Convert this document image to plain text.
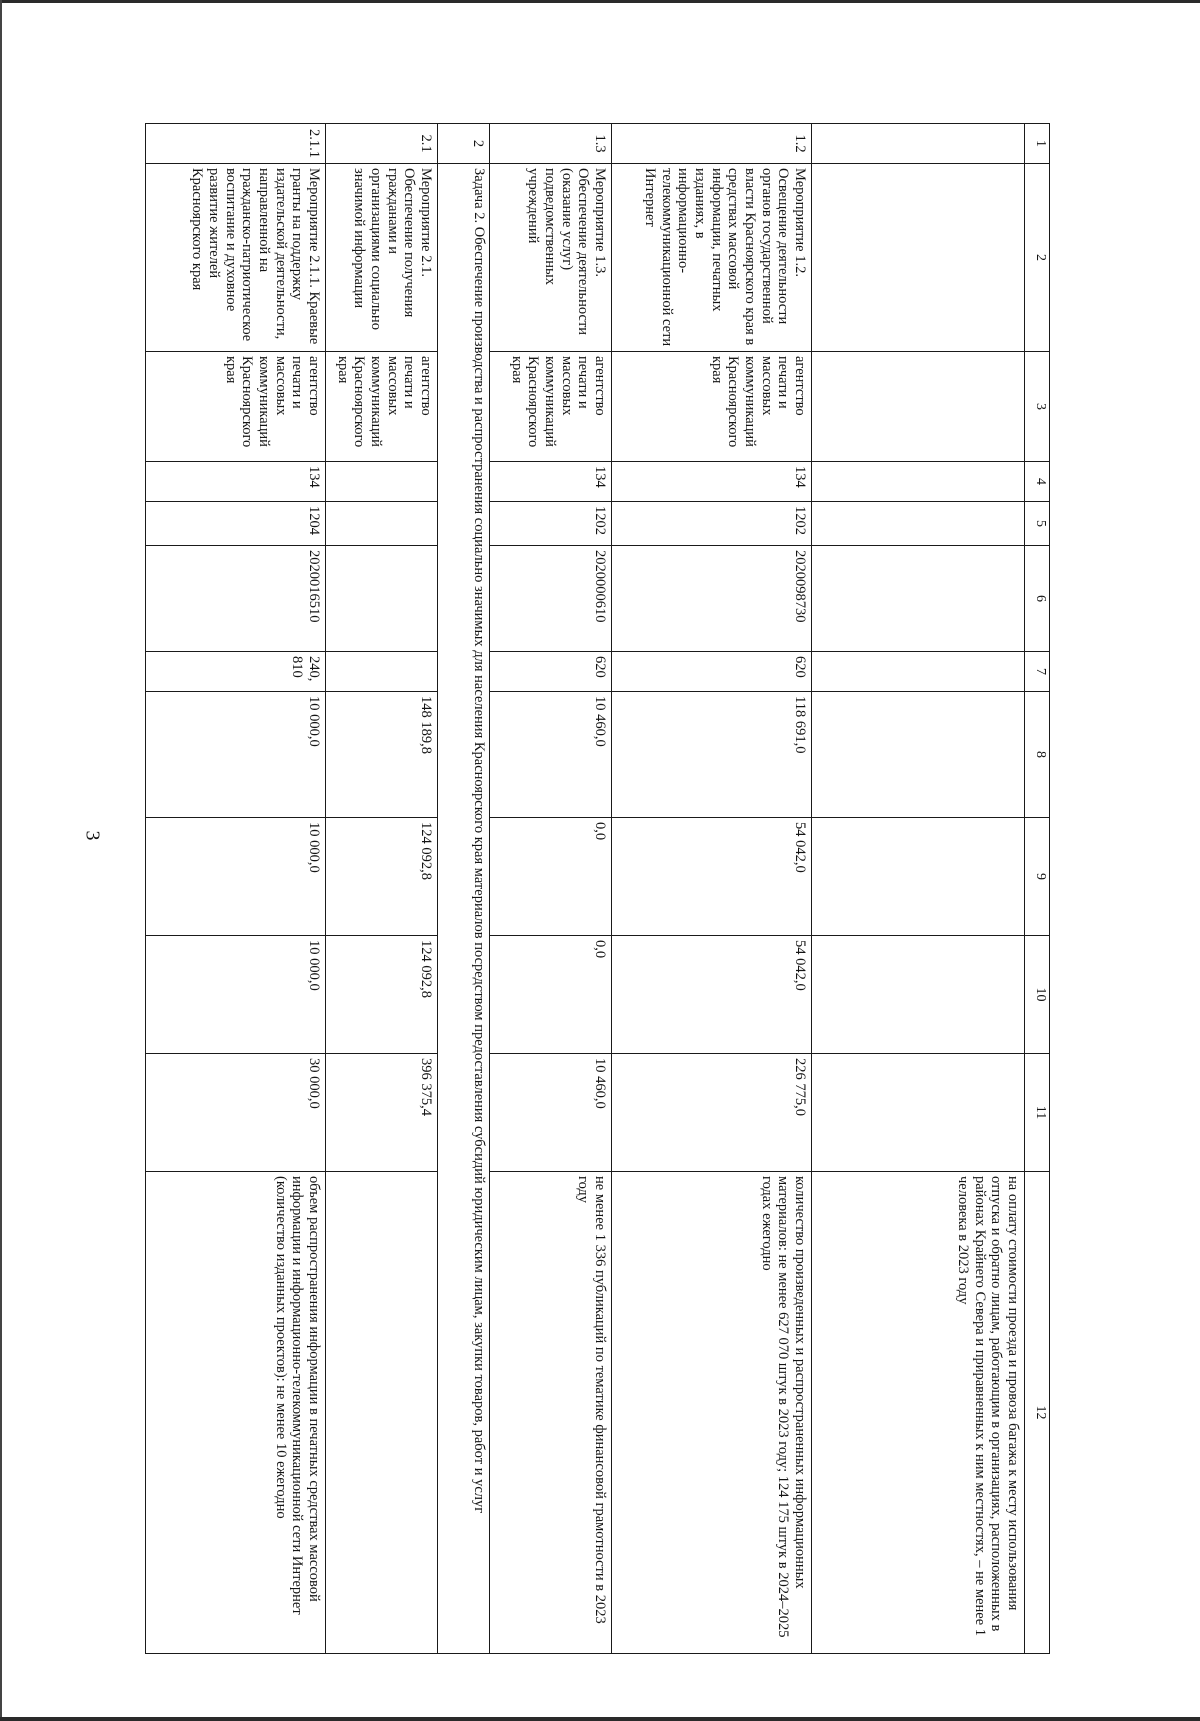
3
1	2	3	4	5	6	7	8	9	10	11	12
											на оплату стоимости проезда и провоза багажа к месту использования отпуска и обратно лицам, работающим в организациях, расположенных в районах Крайнего Севера и приравненных к ним местностях, – не менее 1 человека в 2023 году
1.2	Мероприятие 1.2. Освещение деятельности органов государственной власти Красноярского края в средствах массовой информации, печатных изданиях, в информационно-телекоммуникационной сети Интернет	агентство печати и массовых коммуникаций Красноярского края	134	1202	2020098730	620	118 691,0	54 042,0	54 042,0	226 775,0	количество произведенных и распространенных информационных материалов: не менее 627 070 штук в 2023 году; 124 175 штук в 2024–2025 годах ежегодно
1.3	Мероприятие 1.3. Обеспечение деятельности (оказание услуг) подведомственных учреждений	агентство печати и массовых коммуникаций Красноярского края	134	1202	2020000610	620	10 460,0	0,0	0,0	10 460,0	не менее 1 336 публикаций по тематике финансовой грамотности в 2023 году
2	Задача 2. Обеспечение производства и распространения социально значимых для населения Красноярского края материалов посредством предоставления субсидий юридическим лицам, закупки товаров, работ и услуг										
2.1	Мероприятие 2.1. Обеспечение получения гражданами и организациями социально значимой информации	агентство печати и массовых коммуникаций Красноярского края					148 189,8	124 092,8	124 092,8	396 375,4	
2.1.1	Мероприятие 2.1.1. Краевые гранты на поддержку издательской деятельности, направленной на гражданско-патриотическое воспитание и духовное развитие жителей Красноярского края	агентство печати и массовых коммуникаций Красноярского края	134	1204	2020016510	240, 810	10 000,0	10 000,0	10 000,0	30 000,0	объем распространения информации в печатных средствах массовой информации и информационно-телекоммуникационной сети Интернет (количество изданных проектов): не менее 10 ежегодно
